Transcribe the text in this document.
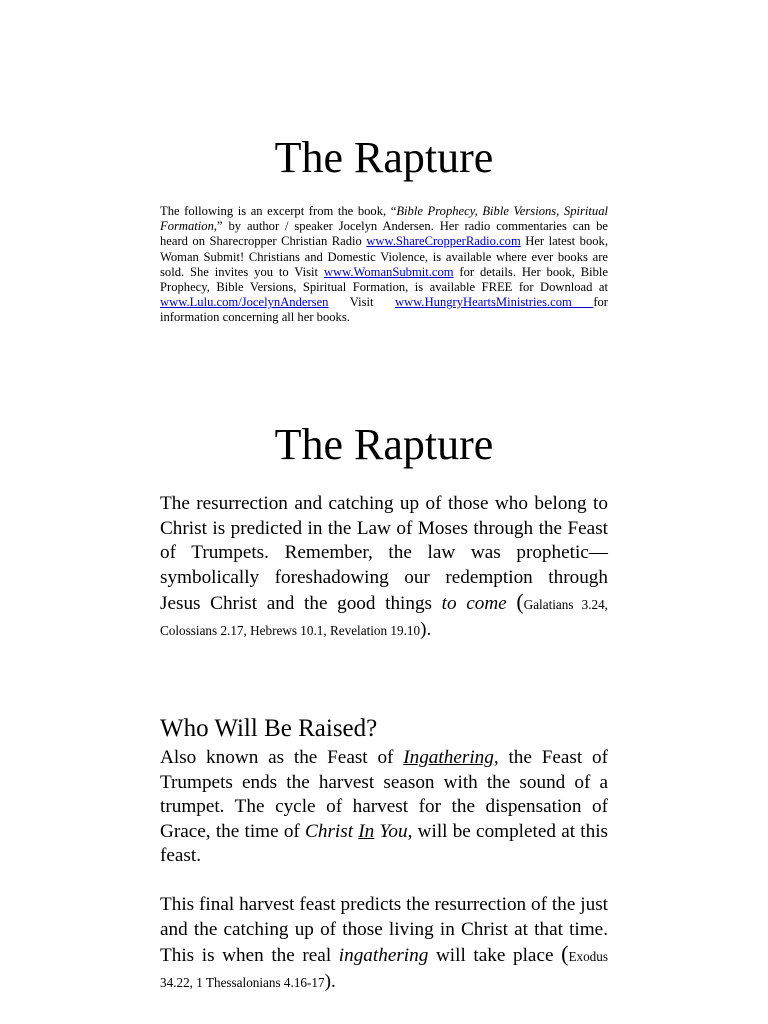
The Rapture
The following is an excerpt from the book, “Bible Prophecy, Bible Versions, Spiritual Formation,” by author / speaker Jocelyn Andersen. Her radio commentaries can be heard on Sharecropper Christian Radio www.ShareCropperRadio.com Her latest book, Woman Submit! Christians and Domestic Violence, is available where ever books are sold. She invites you to Visit www.WomanSubmit.com for details. Her book, Bible Prophecy, Bible Versions, Spiritual Formation, is available FREE for Download at www.Lulu.com/JocelynAndersen Visit www.HungryHeartsMinistries.com for information concerning all her books.
The Rapture
The resurrection and catching up of those who belong to Christ is predicted in the Law of Moses through the Feast of Trumpets. Remember, the law was prophetic— symbolically foreshadowing our redemption through Jesus Christ and the good things to come (Galatians 3.24, Colossians 2.17, Hebrews 10.1, Revelation 19.10).
Who Will Be Raised?
Also known as the Feast of Ingathering, the Feast of Trumpets ends the harvest season with the sound of a trumpet. The cycle of harvest for the dispensation of Grace, the time of Christ In You, will be completed at this feast.
This final harvest feast predicts the resurrection of the just and the catching up of those living in Christ at that time. This is when the real ingathering will take place (Exodus 34.22, 1 Thessalonians 4.16-17).
